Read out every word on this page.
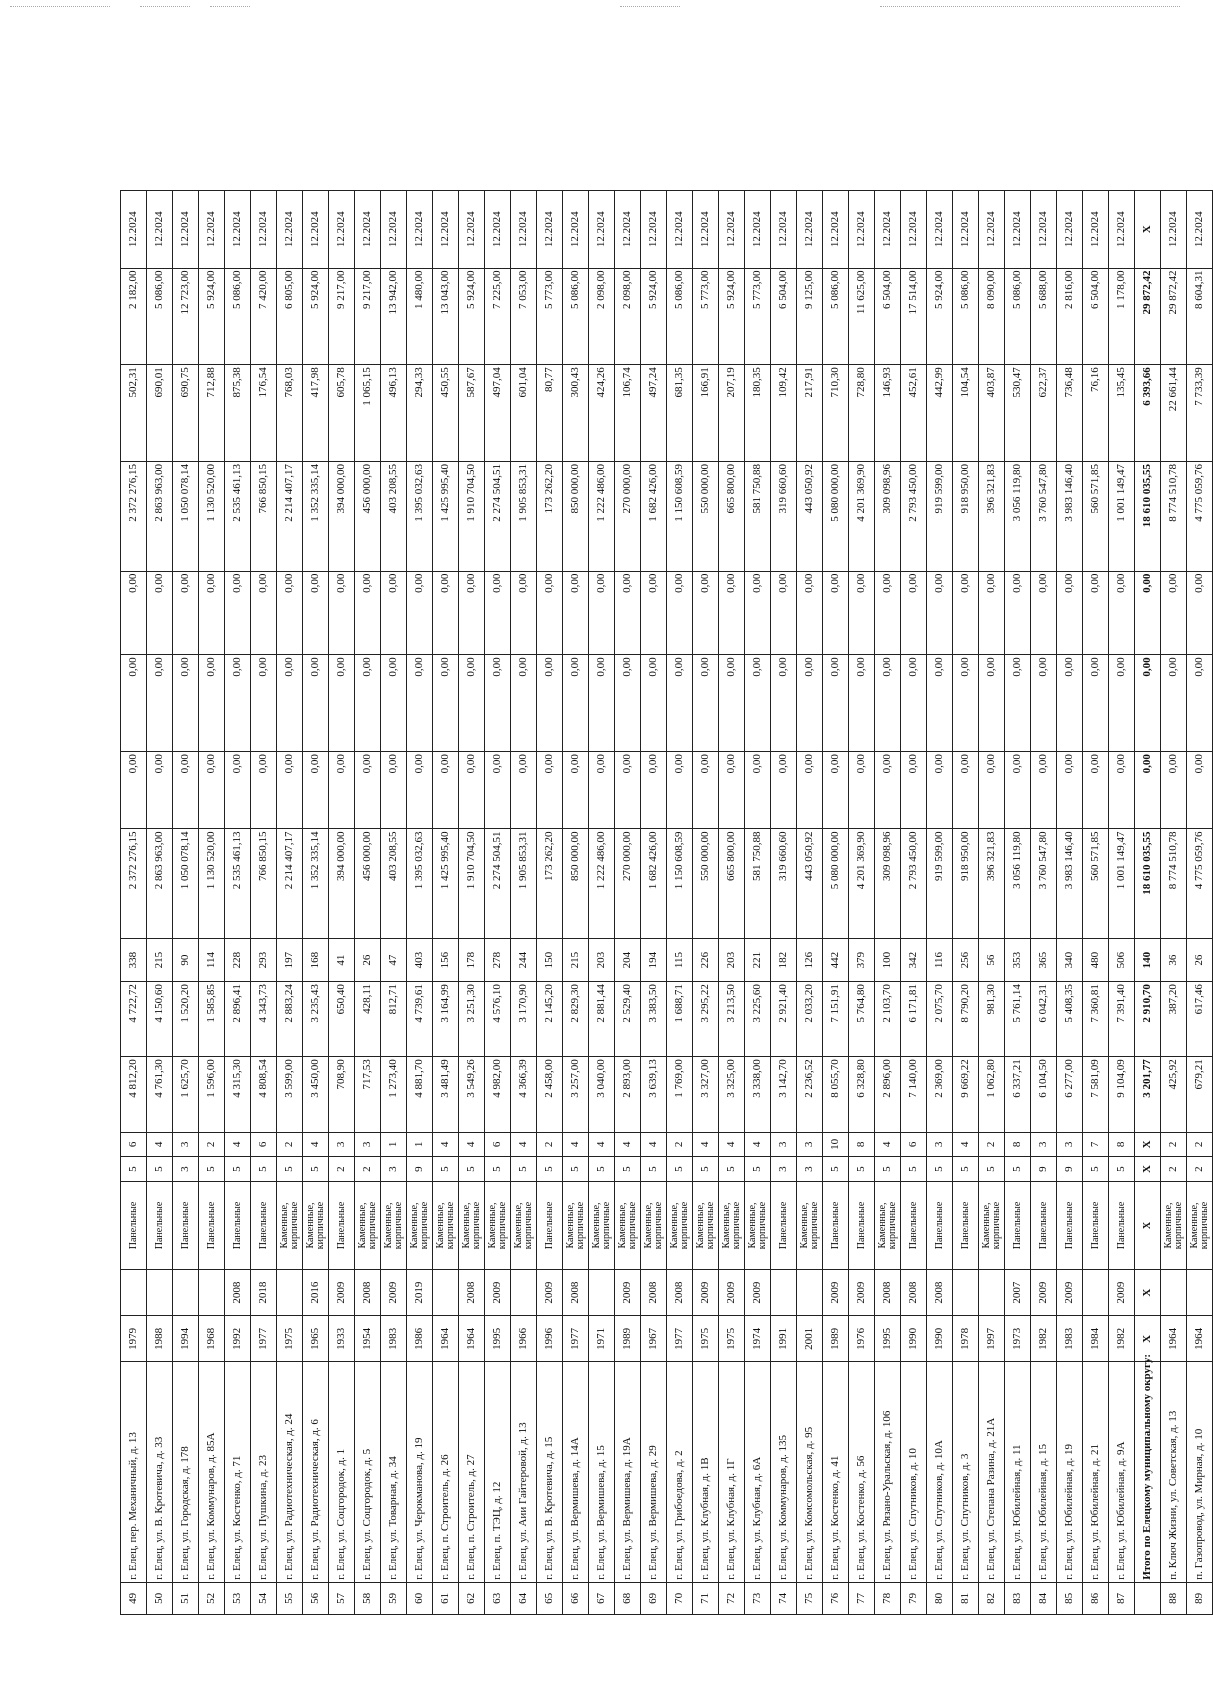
49	г. Елец, пер. Механичный, д. 13	1979		Панельные	5	6	4 812,20	4 722,72	338	2 372 276,15	0,00	0,00	0,00	2 372 276,15	502,31	2 182,00	12.2024
50	г. Елец, ул. В. Кротевича, д. 33	1988		Панельные	5	4	4 761,30	4 150,60	215	2 863 963,00	0,00	0,00	0,00	2 863 963,00	690,01	5 086,00	12.2024
51	г. Елец, ул. Городская, д. 178	1994		Панельные	3	3	1 625,70	1 520,20	90	1 050 078,14	0,00	0,00	0,00	1 050 078,14	690,75	12 723,00	12.2024
52	г. Елец, ул. Коммунаров, д. 85А	1968		Панельные	5	2	1 596,00	1 585,85	114	1 130 520,00	0,00	0,00	0,00	1 130 520,00	712,88	5 924,00	12.2024
53	г. Елец, ул. Костенко, д. 71	1992	2008	Панельные	5	4	4 315,30	2 896,41	228	2 535 461,13	0,00	0,00	0,00	2 535 461,13	875,38	5 086,00	12.2024
54	г. Елец, ул. Пушкина, д. 23	1977	2018	Панельные	5	6	4 808,54	4 343,73	293	766 850,15	0,00	0,00	0,00	766 850,15	176,54	7 420,00	12.2024
55	г. Елец, ул. Радиотехническая, д. 24	1975		Каменные, кирпичные	5	2	3 599,00	2 883,24	197	2 214 407,17	0,00	0,00	0,00	2 214 407,17	768,03	6 805,00	12.2024
56	г. Елец, ул. Радиотехническая, д. 6	1965	2016	Каменные, кирпичные	5	4	3 450,00	3 235,43	168	1 352 335,14	0,00	0,00	0,00	1 352 335,14	417,98	5 924,00	12.2024
57	г. Елец, ул. Соцгородок, д. 1	1933	2009	Панельные	2	3	708,90	650,40	41	394 000,00	0,00	0,00	0,00	394 000,00	605,78	9 217,00	12.2024
58	г. Елец, ул. Соцгородок, д. 5	1954	2008	Каменные, кирпичные	2	3	717,53	428,11	26	456 000,00	0,00	0,00	0,00	456 000,00	1 065,15	9 217,00	12.2024
59	г. Елец, ул. Товарная, д. 34	1983	2009	Каменные, кирпичные	3	1	1 273,40	812,71	47	403 208,55	0,00	0,00	0,00	403 208,55	496,13	13 942,00	12.2024
60	г. Елец, ул. Черокманова, д. 19	1986	2019	Каменные, кирпичные	9	1	4 881,70	4 739,61	403	1 395 032,63	0,00	0,00	0,00	1 395 032,63	294,33	1 480,00	12.2024
61	г. Елец, п. Строитель, д. 26	1964		Каменные, кирпичные	5	4	3 481,49	3 164,99	156	1 425 995,40	0,00	0,00	0,00	1 425 995,40	450,55	13 043,00	12.2024
62	г. Елец, п. Строитель, д. 27	1964	2008	Каменные, кирпичные	5	4	3 549,26	3 251,30	178	1 910 704,50	0,00	0,00	0,00	1 910 704,50	587,67	5 924,00	12.2024
63	г. Елец, п. ТЭЦ, д. 12	1995	2009	Каменные, кирпичные	5	6	4 982,00	4 576,10	278	2 274 504,51	0,00	0,00	0,00	2 274 504,51	497,04	7 225,00	12.2024
64	г. Елец, ул. Аии Гайтеровой, д. 13	1966		Каменные, кирпичные	5	4	4 366,39	3 170,90	244	1 905 853,31	0,00	0,00	0,00	1 905 853,31	601,04	7 053,00	12.2024
65	г. Елец, ул. В. Кротевича, д. 15	1996	2009	Панельные	5	2	2 458,00	2 145,20	150	173 262,20	0,00	0,00	0,00	173 262,20	80,77	5 773,00	12.2024
66	г. Елец, ул. Вермишева, д. 14А	1977	2008	Каменные, кирпичные	5	4	3 257,00	2 829,30	215	850 000,00	0,00	0,00	0,00	850 000,00	300,43	5 086,00	12.2024
67	г. Елец, ул. Вермишева, д. 15	1971		Каменные, кирпичные	5	4	3 040,00	2 881,44	203	1 222 486,00	0,00	0,00	0,00	1 222 486,00	424,26	2 098,00	12.2024
68	г. Елец, ул. Вермишева, д. 19А	1989	2009	Каменные, кирпичные	5	4	2 893,00	2 529,40	204	270 000,00	0,00	0,00	0,00	270 000,00	106,74	2 098,00	12.2024
69	г. Елец, ул. Вермишева, д. 29	1967	2008	Каменные, кирпичные	5	4	3 639,13	3 383,50	194	1 682 426,00	0,00	0,00	0,00	1 682 426,00	497,24	5 924,00	12.2024
70	г. Елец, ул. Грибоедова, д. 2	1977	2008	Каменные, кирпичные	5	2	1 769,00	1 688,71	115	1 150 608,59	0,00	0,00	0,00	1 150 608,59	681,35	5 086,00	12.2024
71	г. Елец, ул. Клубная, д. 1В	1975	2009	Каменные, кирпичные	5	4	3 327,00	3 295,22	226	550 000,00	0,00	0,00	0,00	550 000,00	166,91	5 773,00	12.2024
72	г. Елец, ул. Клубная, д. 1Г	1975	2009	Каменные, кирпичные	5	4	3 325,00	3 213,50	203	665 800,00	0,00	0,00	0,00	665 800,00	207,19	5 924,00	12.2024
73	г. Елец, ул. Клубная, д. 6А	1974	2009	Каменные, кирпичные	5	4	3 338,00	3 225,60	221	581 750,88	0,00	0,00	0,00	581 750,88	180,35	5 773,00	12.2024
74	г. Елец, ул. Коммунаров, д. 135	1991		Панельные	3	3	3 142,70	2 921,40	182	319 660,60	0,00	0,00	0,00	319 660,60	109,42	6 504,00	12.2024
75	г. Елец, ул. Комсомольская, д. 95	2001		Каменные, кирпичные	3	3	2 236,52	2 033,20	126	443 050,92	0,00	0,00	0,00	443 050,92	217,91	9 125,00	12.2024
76	г. Елец, ул. Костенко, д. 41	1989	2009	Панельные	5	10	8 055,70	7 151,91	442	5 080 000,00	0,00	0,00	0,00	5 080 000,00	710,30	5 086,00	12.2024
77	г. Елец, ул. Костенко, д. 56	1976	2009	Панельные	5	8	6 328,80	5 764,80	379	4 201 369,90	0,00	0,00	0,00	4 201 369,90	728,80	11 625,00	12.2024
78	г. Елец, ул. Рязано-Уральская, д. 106	1995	2008	Каменные, кирпичные	5	4	2 896,00	2 103,70	100	309 098,96	0,00	0,00	0,00	309 098,96	146,93	6 504,00	12.2024
79	г. Елец, ул. Спутников, д. 10	1990	2008	Панельные	5	6	7 140,00	6 171,81	342	2 793 450,00	0,00	0,00	0,00	2 793 450,00	452,61	17 514,00	12.2024
80	г. Елец, ул. Спутников, д. 10А	1990	2008	Панельные	5	3	2 369,00	2 075,70	116	919 599,00	0,00	0,00	0,00	919 599,00	442,99	5 924,00	12.2024
81	г. Елец, ул. Спутников, д. 3	1978		Панельные	5	4	9 669,22	8 790,20	256	918 950,00	0,00	0,00	0,00	918 950,00	104,54	5 086,00	12.2024
82	г. Елец, ул. Степана Разина, д. 21А	1997		Каменные, кирпичные	5	2	1 062,80	981,30	56	396 321,83	0,00	0,00	0,00	396 321,83	403,87	8 090,00	12.2024
83	г. Елец, ул. Юбилейная, д. 11	1973	2007	Панельные	5	8	6 337,21	5 761,14	353	3 056 119,80	0,00	0,00	0,00	3 056 119,80	530,47	5 086,00	12.2024
84	г. Елец, ул. Юбилейная, д. 15	1982	2009	Панельные	9	3	6 104,50	6 042,31	365	3 760 547,80	0,00	0,00	0,00	3 760 547,80	622,37	5 688,00	12.2024
85	г. Елец, ул. Юбилейная, д. 19	1983	2009	Панельные	9	3	6 277,00	5 408,35	340	3 983 146,40	0,00	0,00	0,00	3 983 146,40	736,48	2 816,00	12.2024
86	г. Елец, ул. Юбилейная, д. 21	1984		Панельные	5	7	7 581,09	7 360,81	480	560 571,85	0,00	0,00	0,00	560 571,85	76,16	6 504,00	12.2024
87	г. Елец, ул. Юбилейная, д. 9А	1982	2009	Панельные	5	8	9 104,09	7 391,40	506	1 001 149,47	0,00	0,00	0,00	1 001 149,47	135,45	1 178,00	12.2024
	Итого по Елецкому муниципальному округу:	X	X	X	X	X	3 201,77	2 910,70	140	18 610 035,55	0,00	0,00	0,00	18 610 035,55	6 393,66	29 872,42	X
88	п. Ключ Жизни, ул. Советская, д. 13	1964		Каменные, кирпичные	2	2	425,92	387,20	36	8 774 510,78	0,00	0,00	0,00	8 774 510,78	22 661,44	29 872,42	12.2024
89	п. Газопровод, ул. Мирная, д. 10	1964		Каменные, кирпичные	2	2	679,21	617,46	26	4 775 059,76	0,00	0,00	0,00	4 775 059,76	7 733,39	8 604,31	12.2024
